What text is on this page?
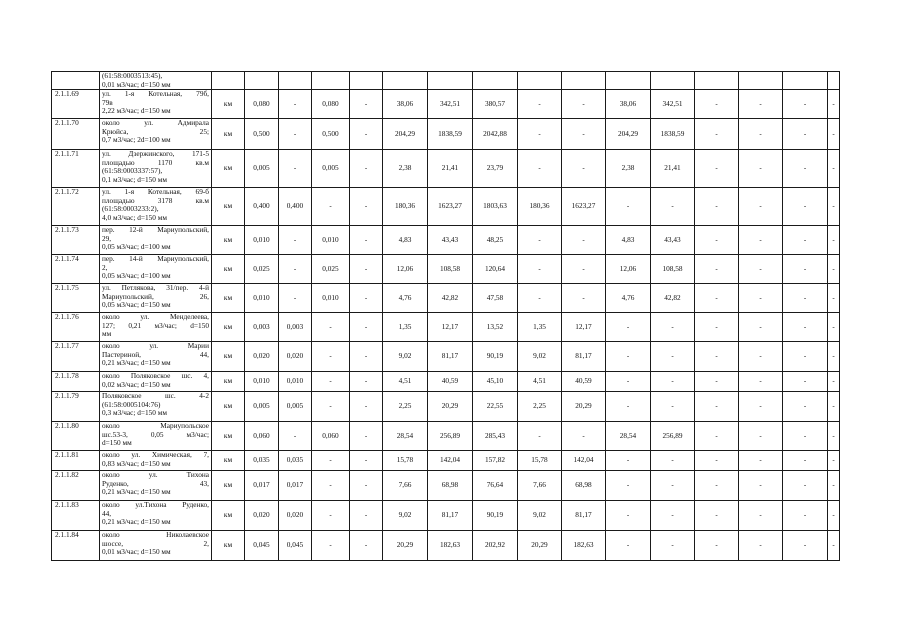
	(61:58:0003513:45),
0,01 м3/час; d=150 мм																

2.1.1.69	ул. 1-я Котельная, 79б,
79в
2,22 м3/час; d=150 мм	км	0,080	-	0,080	-	38,06	342,51	380,57	-	-	38,06	342,51	-	-	-	-
2.1.1.70	около ул. Адмирала
Крюйса, 25;
0,7 м3/час; 2d=100 мм	км	0,500	-	0,500	-	204,29	1838,59	2042,88	-	-	204,29	1838,59	-	-	-	-
2.1.1.71	ул. Дзержинского, 171-5
площадью 1170 кв.м
(61:58:0003337:57),
0,1 м3/час; d=150 мм	км	0,005	-	0,005	-	2,38	21,41	23,79	-	-	2,38	21,41	-	-	-	-
2.1.1.72	ул. 1-я Котельная, 69-б
площадью 3178 кв.м
(61:58:0003233:2),
4,0 м3/час; d=150 мм	км	0,400	0,400	-	-	180,36	1623,27	1803,63	180,36	1623,27	-	-	-	-	-	-
2.1.1.73	пер. 12-й Мариупольский,
29,
0,05 м3/час; d=100 мм	км	0,010	-	0,010	-	4,83	43,43	48,25	-	-	4,83	43,43	-	-	-	-
2.1.1.74	пер. 14-й Мариупольский,
2,
0,05 м3/час; d=100 мм	км	0,025	-	0,025	-	12,06	108,58	120,64	-	-	12,06	108,58	-	-	-	-
2.1.1.75	ул. Петлякова, 31/пер. 4-й
Мариупольский, 26,
0,05 м3/час; d=150 мм	км	0,010	-	0,010	-	4,76	42,82	47,58	-	-	4,76	42,82	-	-	-	-
2.1.1.76	около ул. Менделеева,
127; 0,21 м3/час; d=150
мм	км	0,003	0,003	-	-	1,35	12,17	13,52	1,35	12,17	-	-	-	-	-	-
2.1.1.77	около ул. Марии
Пастериной, 44,
0,21 м3/час; d=150 мм	км	0,020	0,020	-	-	9,02	81,17	90,19	9,02	81,17	-	-	-	-	-	-
2.1.1.78	около Поляковское шс. 4,
0,02 м3/час; d=150 мм	км	0,010	0,010	-	-	4,51	40,59	45,10	4,51	40,59	-	-	-	-	-	-
2.1.1.79	Поляковское шс. 4-2
(61:58:0005104:76)
0,3 м3/час; d=150 мм	км	0,005	0,005	-	-	2,25	20,29	22,55	2,25	20,29	-	-	-	-	-	-
2.1.1.80	около Мариупольское
шс.53-3, 0,05 м3/час;
d=150 мм	км	0,060	-	0,060	-	28,54	256,89	285,43	-	-	28,54	256,89	-	-	-	-
2.1.1.81	около ул. Химическая, 7,
0,83 м3/час; d=150 мм	км	0,035	0,035	-	-	15,78	142,04	157,82	15,78	142,04	-	-	-	-	-	-
2.1.1.82	около ул. Тихона
Руденко, 43,
0,21 м3/час; d=150 мм	км	0,017	0,017	-	-	7,66	68,98	76,64	7,66	68,98	-	-	-	-	-	-
2.1.1.83	около ул.Тихона Руденко,
44,
0,21 м3/час; d=150 мм	км	0,020	0,020	-	-	9,02	81,17	90,19	9,02	81,17	-	-	-	-	-	-
2.1.1.84	около Николаевское
шоссе, 2,
0,01 м3/час; d=150 мм	км	0,045	0,045	-	-	20,29	182,63	202,92	20,29	182,63	-	-	-	-	-	-
